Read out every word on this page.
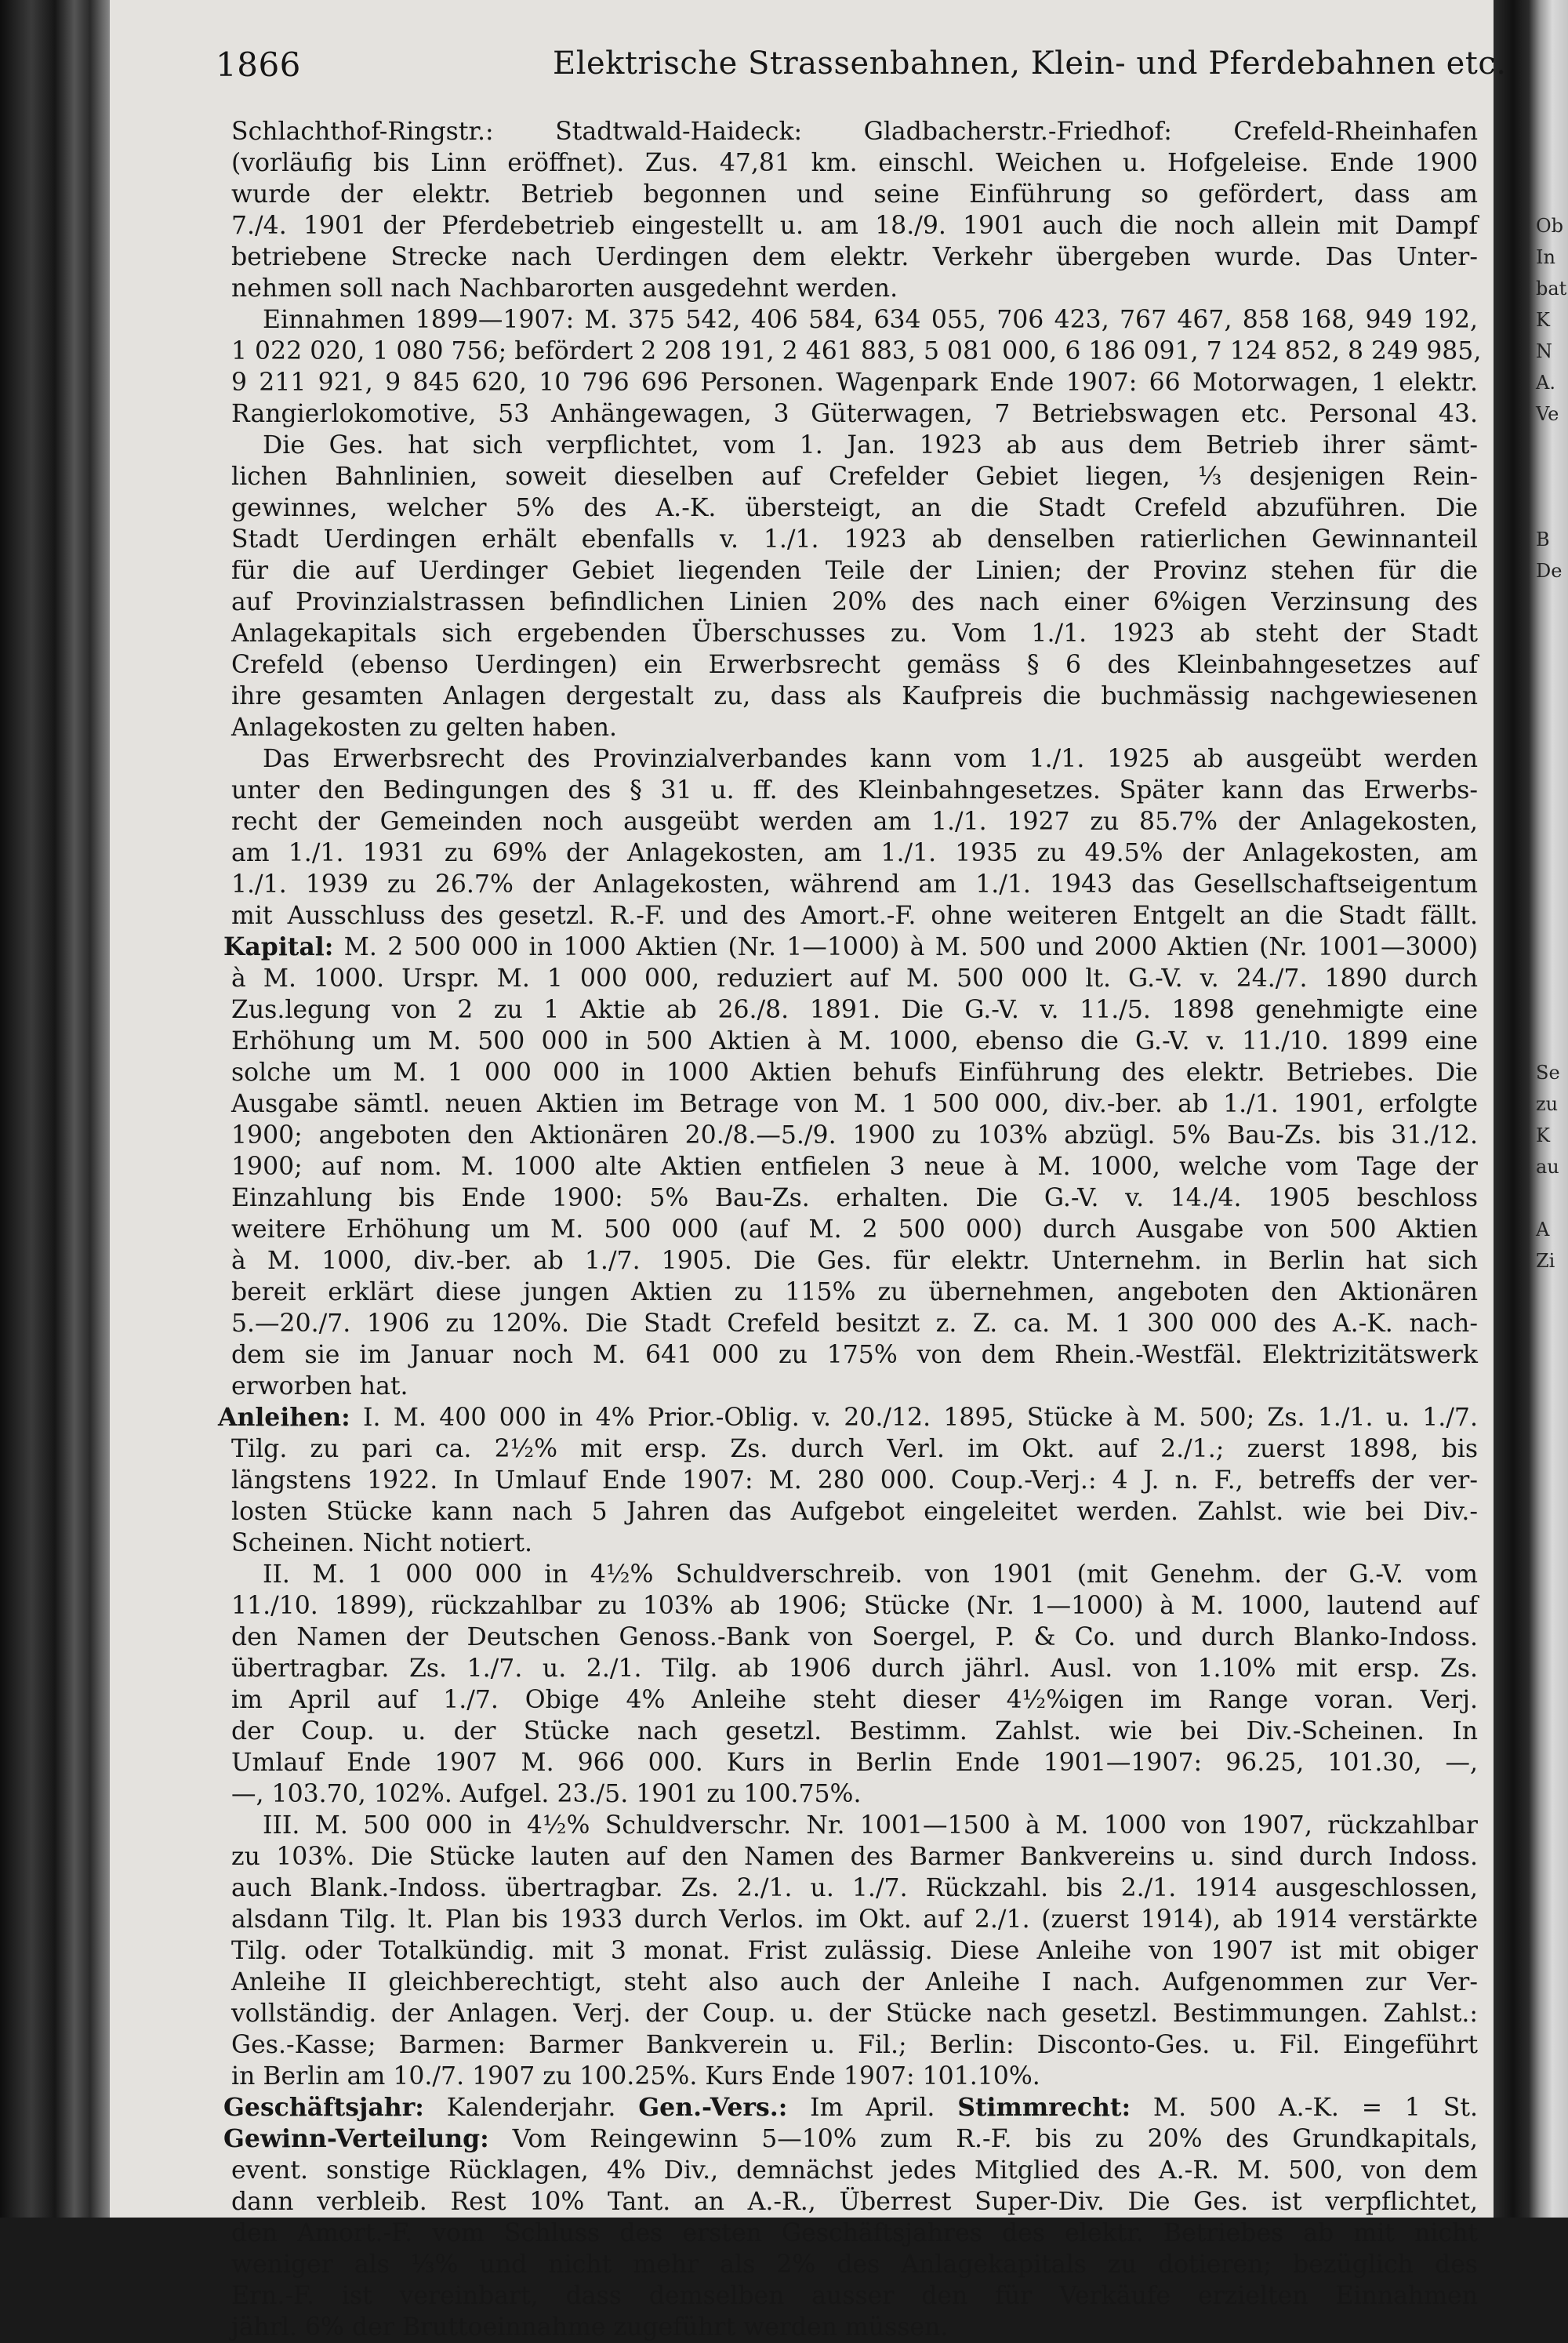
Ob
In
bat
K
N
A.
Ve
B
De
Se
zu
K
au
A
Zi
1866	Elektrische Strassenbahnen, Klein- und Pferdebahnen etc.
Schlachthof-Ringstr.: Stadtwald-Haideck: Gladbacherstr.-Friedhof: Crefeld-Rheinhafen
(vorläufig bis Linn eröffnet). Zus. 47,81 km. einschl. Weichen u. Hofgeleise. Ende 1900
wurde der elektr. Betrieb begonnen und seine Einführung so gefördert, dass am
7./4. 1901 der Pferdebetrieb eingestellt u. am 18./9. 1901 auch die noch allein mit Dampf
betriebene Strecke nach Uerdingen dem elektr. Verkehr übergeben wurde. Das Unter-
nehmen soll nach Nachbarorten ausgedehnt werden.
Einnahmen 1899—1907: M. 375 542, 406 584, 634 055, 706 423, 767 467, 858 168, 949 192,
1 022 020, 1 080 756; befördert 2 208 191, 2 461 883, 5 081 000, 6 186 091, 7 124 852, 8 249 985,
9 211 921, 9 845 620, 10 796 696 Personen. Wagenpark Ende 1907: 66 Motorwagen, 1 elektr.
Rangierlokomotive, 53 Anhängewagen, 3 Güterwagen, 7 Betriebswagen etc. Personal 43.
Die Ges. hat sich verpflichtet, vom 1. Jan. 1923 ab aus dem Betrieb ihrer sämt-
lichen Bahnlinien, soweit dieselben auf Crefelder Gebiet liegen, ⅓ desjenigen Rein-
gewinnes, welcher 5% des A.-K. übersteigt, an die Stadt Crefeld abzuführen. Die
Stadt Uerdingen erhält ebenfalls v. 1./1. 1923 ab denselben ratierlichen Gewinnanteil
für die auf Uerdinger Gebiet liegenden Teile der Linien; der Provinz stehen für die
auf Provinzialstrassen befindlichen Linien 20% des nach einer 6%igen Verzinsung des
Anlagekapitals sich ergebenden Überschusses zu. Vom 1./1. 1923 ab steht der Stadt
Crefeld (ebenso Uerdingen) ein Erwerbsrecht gemäss § 6 des Kleinbahngesetzes auf
ihre gesamten Anlagen dergestalt zu, dass als Kaufpreis die buchmässig nachgewiesenen
Anlagekosten zu gelten haben.
Das Erwerbsrecht des Provinzialverbandes kann vom 1./1. 1925 ab ausgeübt werden
unter den Bedingungen des § 31 u. ff. des Kleinbahngesetzes. Später kann das Erwerbs-
recht der Gemeinden noch ausgeübt werden am 1./1. 1927 zu 85.7% der Anlagekosten,
am 1./1. 1931 zu 69% der Anlagekosten, am 1./1. 1935 zu 49.5% der Anlagekosten, am
1./1. 1939 zu 26.7% der Anlagekosten, während am 1./1. 1943 das Gesellschaftseigentum
mit Ausschluss des gesetzl. R.-F. und des Amort.-F. ohne weiteren Entgelt an die Stadt fällt.
Kapital: M. 2 500 000 in 1000 Aktien (Nr. 1—1000) à M. 500 und 2000 Aktien (Nr. 1001—3000)
à M. 1000. Urspr. M. 1 000 000, reduziert auf M. 500 000 lt. G.-V. v. 24./7. 1890 durch
Zus.legung von 2 zu 1 Aktie ab 26./8. 1891. Die G.-V. v. 11./5. 1898 genehmigte eine
Erhöhung um M. 500 000 in 500 Aktien à M. 1000, ebenso die G.-V. v. 11./10. 1899 eine
solche um M. 1 000 000 in 1000 Aktien behufs Einführung des elektr. Betriebes. Die
Ausgabe sämtl. neuen Aktien im Betrage von M. 1 500 000, div.-ber. ab 1./1. 1901, erfolgte
1900; angeboten den Aktionären 20./8.—5./9. 1900 zu 103% abzügl. 5% Bau-Zs. bis 31./12.
1900; auf nom. M. 1000 alte Aktien entfielen 3 neue à M. 1000, welche vom Tage der
Einzahlung bis Ende 1900: 5% Bau-Zs. erhalten. Die G.-V. v. 14./4. 1905 beschloss
weitere Erhöhung um M. 500 000 (auf M. 2 500 000) durch Ausgabe von 500 Aktien
à M. 1000, div.-ber. ab 1./7. 1905. Die Ges. für elektr. Unternehm. in Berlin hat sich
bereit erklärt diese jungen Aktien zu 115% zu übernehmen, angeboten den Aktionären
5.—20./7. 1906 zu 120%. Die Stadt Crefeld besitzt z. Z. ca. M. 1 300 000 des A.-K. nach-
dem sie im Januar noch M. 641 000 zu 175% von dem Rhein.-Westfäl. Elektrizitätswerk
erworben hat.
Anleihen: I. M. 400 000 in 4% Prior.-Oblig. v. 20./12. 1895, Stücke à M. 500; Zs. 1./1. u. 1./7.
Tilg. zu pari ca. 2½% mit ersp. Zs. durch Verl. im Okt. auf 2./1.; zuerst 1898, bis
längstens 1922. In Umlauf Ende 1907: M. 280 000. Coup.-Verj.: 4 J. n. F., betreffs der ver-
losten Stücke kann nach 5 Jahren das Aufgebot eingeleitet werden. Zahlst. wie bei Div.-
Scheinen. Nicht notiert.
II. M. 1 000 000 in 4½% Schuldverschreib. von 1901 (mit Genehm. der G.-V. vom
11./10. 1899), rückzahlbar zu 103% ab 1906; Stücke (Nr. 1—1000) à M. 1000, lautend auf
den Namen der Deutschen Genoss.-Bank von Soergel, P. & Co. und durch Blanko-Indoss.
übertragbar. Zs. 1./7. u. 2./1. Tilg. ab 1906 durch jährl. Ausl. von 1.10% mit ersp. Zs.
im April auf 1./7. Obige 4% Anleihe steht dieser 4½%igen im Range voran. Verj.
der Coup. u. der Stücke nach gesetzl. Bestimm. Zahlst. wie bei Div.-Scheinen. In
Umlauf Ende 1907 M. 966 000. Kurs in Berlin Ende 1901—1907: 96.25, 101.30, —,
—, 103.70, 102%. Aufgel. 23./5. 1901 zu 100.75%.
III. M. 500 000 in 4½% Schuldverschr. Nr. 1001—1500 à M. 1000 von 1907, rückzahlbar
zu 103%. Die Stücke lauten auf den Namen des Barmer Bankvereins u. sind durch Indoss.
auch Blank.-Indoss. übertragbar. Zs. 2./1. u. 1./7. Rückzahl. bis 2./1. 1914 ausgeschlossen,
alsdann Tilg. lt. Plan bis 1933 durch Verlos. im Okt. auf 2./1. (zuerst 1914), ab 1914 verstärkte
Tilg. oder Totalkündig. mit 3 monat. Frist zulässig. Diese Anleihe von 1907 ist mit obiger
Anleihe II gleichberechtigt, steht also auch der Anleihe I nach. Aufgenommen zur Ver-
vollständig. der Anlagen. Verj. der Coup. u. der Stücke nach gesetzl. Bestimmungen. Zahlst.:
Ges.-Kasse; Barmen: Barmer Bankverein u. Fil.; Berlin: Disconto-Ges. u. Fil. Eingeführt
in Berlin am 10./7. 1907 zu 100.25%. Kurs Ende 1907: 101.10%.
Geschäftsjahr: Kalenderjahr. Gen.-Vers.: Im April. Stimmrecht: M. 500 A.-K. = 1 St.
Gewinn-Verteilung: Vom Reingewinn 5—10% zum R.-F. bis zu 20% des Grundkapitals,
event. sonstige Rücklagen, 4% Div., demnächst jedes Mitglied des A.-R. M. 500, von dem
dann verbleib. Rest 10% Tant. an A.-R., Überrest Super-Div. Die Ges. ist verpflichtet,
den Amort.-F. vom Schluss des ersten Geschäftsjahres des elektr. Betriebes ab mit nicht
weniger als ⅓% und nicht mehr als 2% des Anlagekapitals zu dotieren; bezüglich des
Ern.-F. ist vereinbart, dass demselben ausser den für Verkäufe erzielten Einnahmen
jährl. 6% der Bruttoeinnahme zugeführt werden müssen.
